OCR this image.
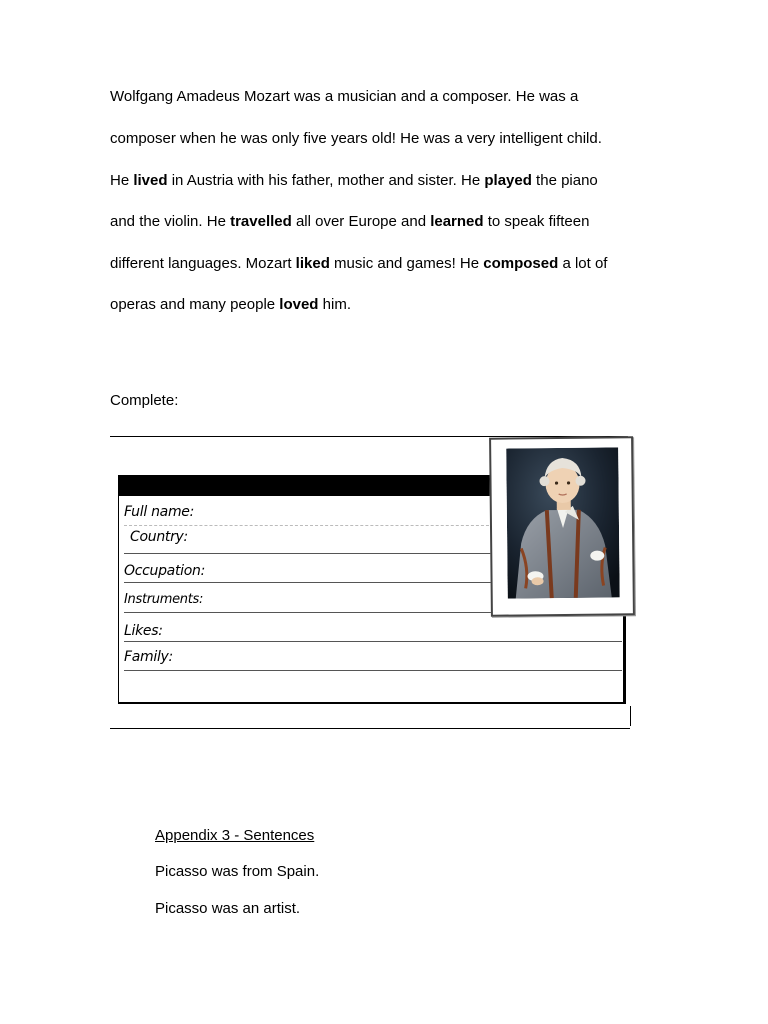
Wolfgang Amadeus Mozart was a musician and a composer. He was a
composer when he was only five years old! He was a very intelligent child.
He lived in Austria with his father, mother and sister. He played the piano
and the violin. He travelled all over Europe and learned to speak fifteen
different languages. Mozart liked music and games! He composed a lot of
operas and many people loved him.
Complete:
Full name:
Country:
Occupation:
Instruments:
Likes:
Family:
Appendix 3 - Sentences
Picasso was from Spain.
Picasso was an artist.
